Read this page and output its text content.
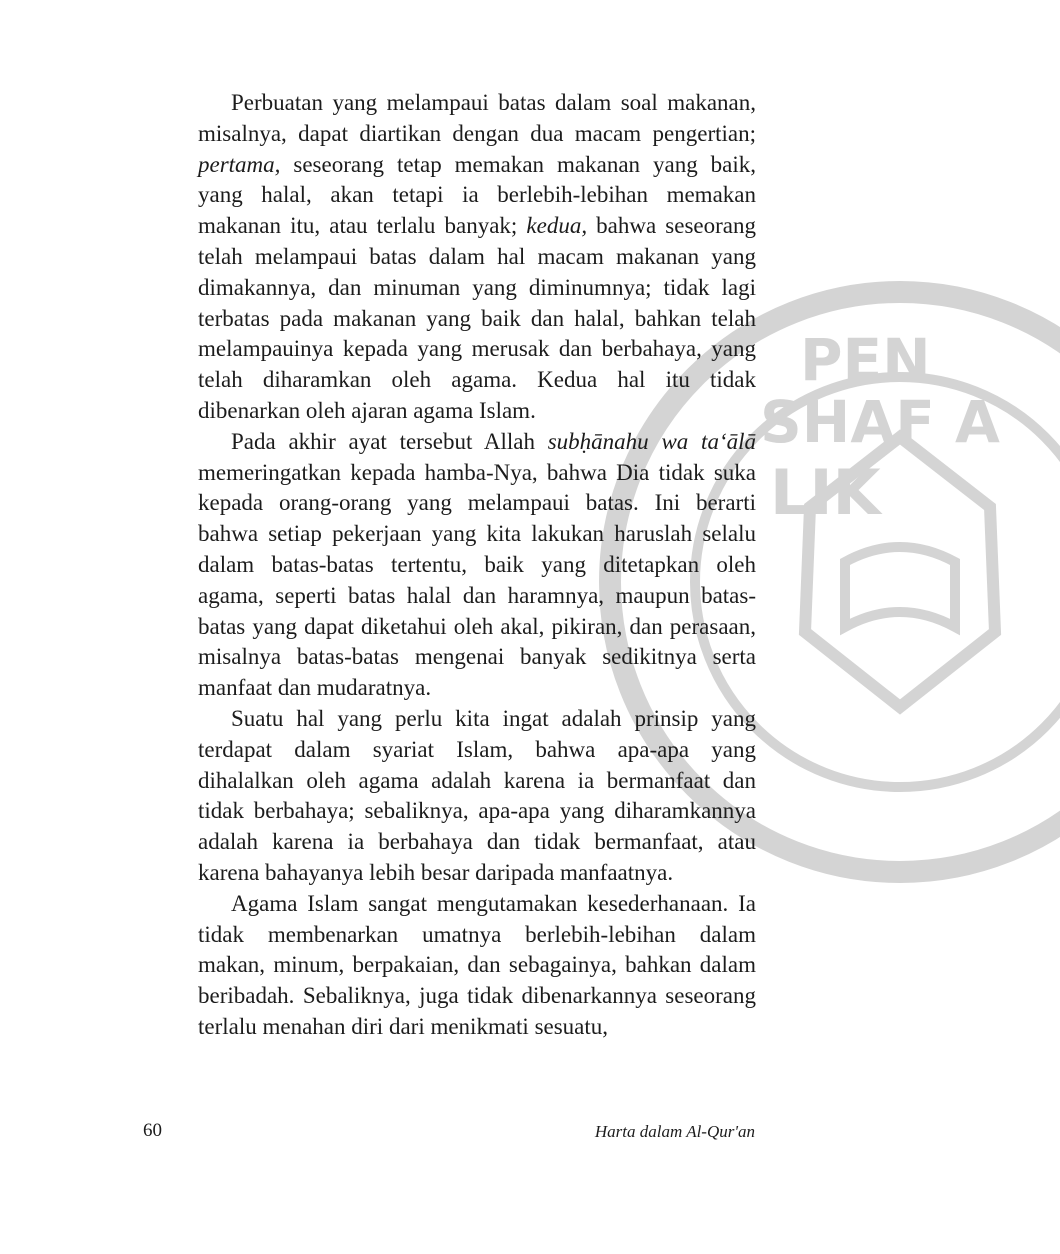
PEN
SHAF A
LIK

Perbuatan yang melampaui batas dalam soal makanan, misalnya, dapat diartikan dengan dua macam pengertian; pertama, seseorang tetap memakan makanan yang baik, yang halal, akan tetapi ia berlebih-lebihan memakan makanan itu, atau terlalu banyak; kedua, bahwa seseorang telah melampaui batas dalam hal macam makanan yang dimakannya, dan minuman yang diminumnya; tidak lagi terbatas pada makanan yang baik dan halal, bahkan telah melampauinya kepada yang merusak dan berbahaya, yang telah diharamkan oleh agama. Kedua hal itu tidak dibenarkan oleh ajaran agama Islam.

Pada akhir ayat tersebut Allah subḥānahu wa ta‘ālā memeringatkan kepada hamba-Nya, bahwa Dia tidak suka kepada orang-orang yang melampaui batas. Ini berarti bahwa setiap pekerjaan yang kita lakukan haruslah selalu dalam batas-batas tertentu, baik yang ditetapkan oleh agama, seperti batas halal dan haramnya, maupun batas-batas yang dapat diketahui oleh akal, pikiran, dan perasaan, misalnya batas-batas mengenai banyak sedikitnya serta manfaat dan mudaratnya.

Suatu hal yang perlu kita ingat adalah prinsip yang terdapat dalam syariat Islam, bahwa apa-apa yang dihalalkan oleh agama adalah karena ia bermanfaat dan tidak berbahaya; sebaliknya, apa-apa yang diharamkannya adalah karena ia berbahaya dan tidak bermanfaat, atau karena bahayanya lebih besar daripada manfaatnya.

Agama Islam sangat mengutamakan kesederhanaan. Ia tidak membenarkan umatnya berlebih-lebihan dalam makan, minum, berpakaian, dan sebagainya, bahkan dalam beribadah. Sebaliknya, juga tidak dibenarkannya seseorang terlalu menahan diri dari menikmati sesuatu,

60	Harta dalam Al-Qur'an
